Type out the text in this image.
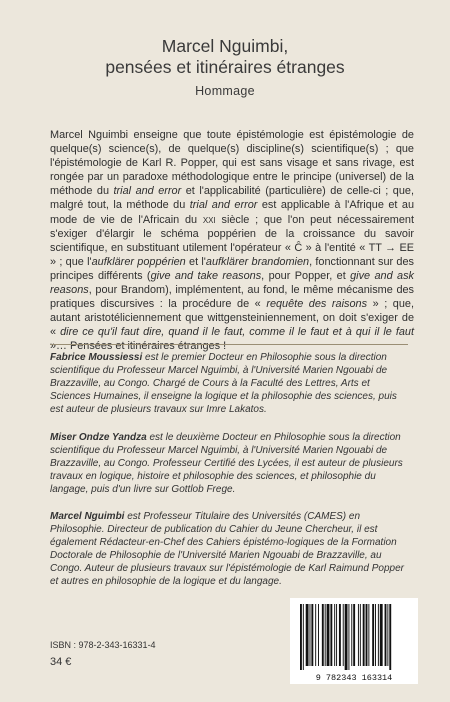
Marcel Nguimbi,
pensées et itinéraires étranges
Hommage

Marcel Nguimbi enseigne que toute épistémologie est épistémologie de quelque(s) science(s), de quelque(s) discipline(s) scientifique(s) ; que l'épistémologie de Karl R. Popper, qui est sans visage et sans rivage, est rongée par un paradoxe méthodologique entre le principe (universel) de la méthode du trial and error et l'applicabilité (particulière) de celle-ci ; que, malgré tout, la méthode du trial and error est applicable à l'Afrique et au mode de vie de l'Africain du xxi siècle ; que l'on peut nécessairement s'exiger d'élargir le schéma poppérien de la croissance du savoir scientifique, en substituant utilement l'opérateur « Ĉ » à l'entité « TT → EE » ; que l'aufklärer poppérien et l'aufklärer brandomien, fonctionnant sur des principes différents (give and take reasons, pour Popper, et give and ask reasons, pour Brandom), implémentent, au fond, le même mécanisme des pratiques discursives : la procédure de « requête des raisons » ; que, autant aristotéliciennement que wittgensteiniennement, on doit s'exiger de « dire ce qu'il faut dire, quand il le faut, comme il le faut et à qui il le faut »… Pensées et itinéraires étranges !

Fabrice Moussiessi est le premier Docteur en Philosophie sous la direction scientifique du Professeur Marcel Nguimbi, à l'Université Marien Ngouabi de Brazzaville, au Congo. Chargé de Cours à la Faculté des Lettres, Arts et Sciences Humaines, il enseigne la logique et la philosophie des sciences, puis est auteur de plusieurs travaux sur Imre Lakatos.

Miser Ondze Yandza est le deuxième Docteur en Philosophie sous la direction scientifique du Professeur Marcel Nguimbi, à l'Université Marien Ngouabi de Brazzaville, au Congo. Professeur Certifié des Lycées, il est auteur de plusieurs travaux en logique, histoire et philosophie des sciences, et philosophie du langage, puis d'un livre sur Gottlob Frege.

Marcel Nguimbi est Professeur Titulaire des Universités (CAMES) en Philosophie. Directeur de publication du Cahier du Jeune Chercheur, il est également Rédacteur-en-Chef des Cahiers épistémo-logiques de la Formation Doctorale de Philosophie de l'Université Marien Ngouabi de Brazzaville, au Congo. Auteur de plusieurs travaux sur l'épistémologie de Karl Raimund Popper et autres en philosophie de la logique et du langage.

ISBN : 978-2-343-16331-4
34 €
9 782343 163314
